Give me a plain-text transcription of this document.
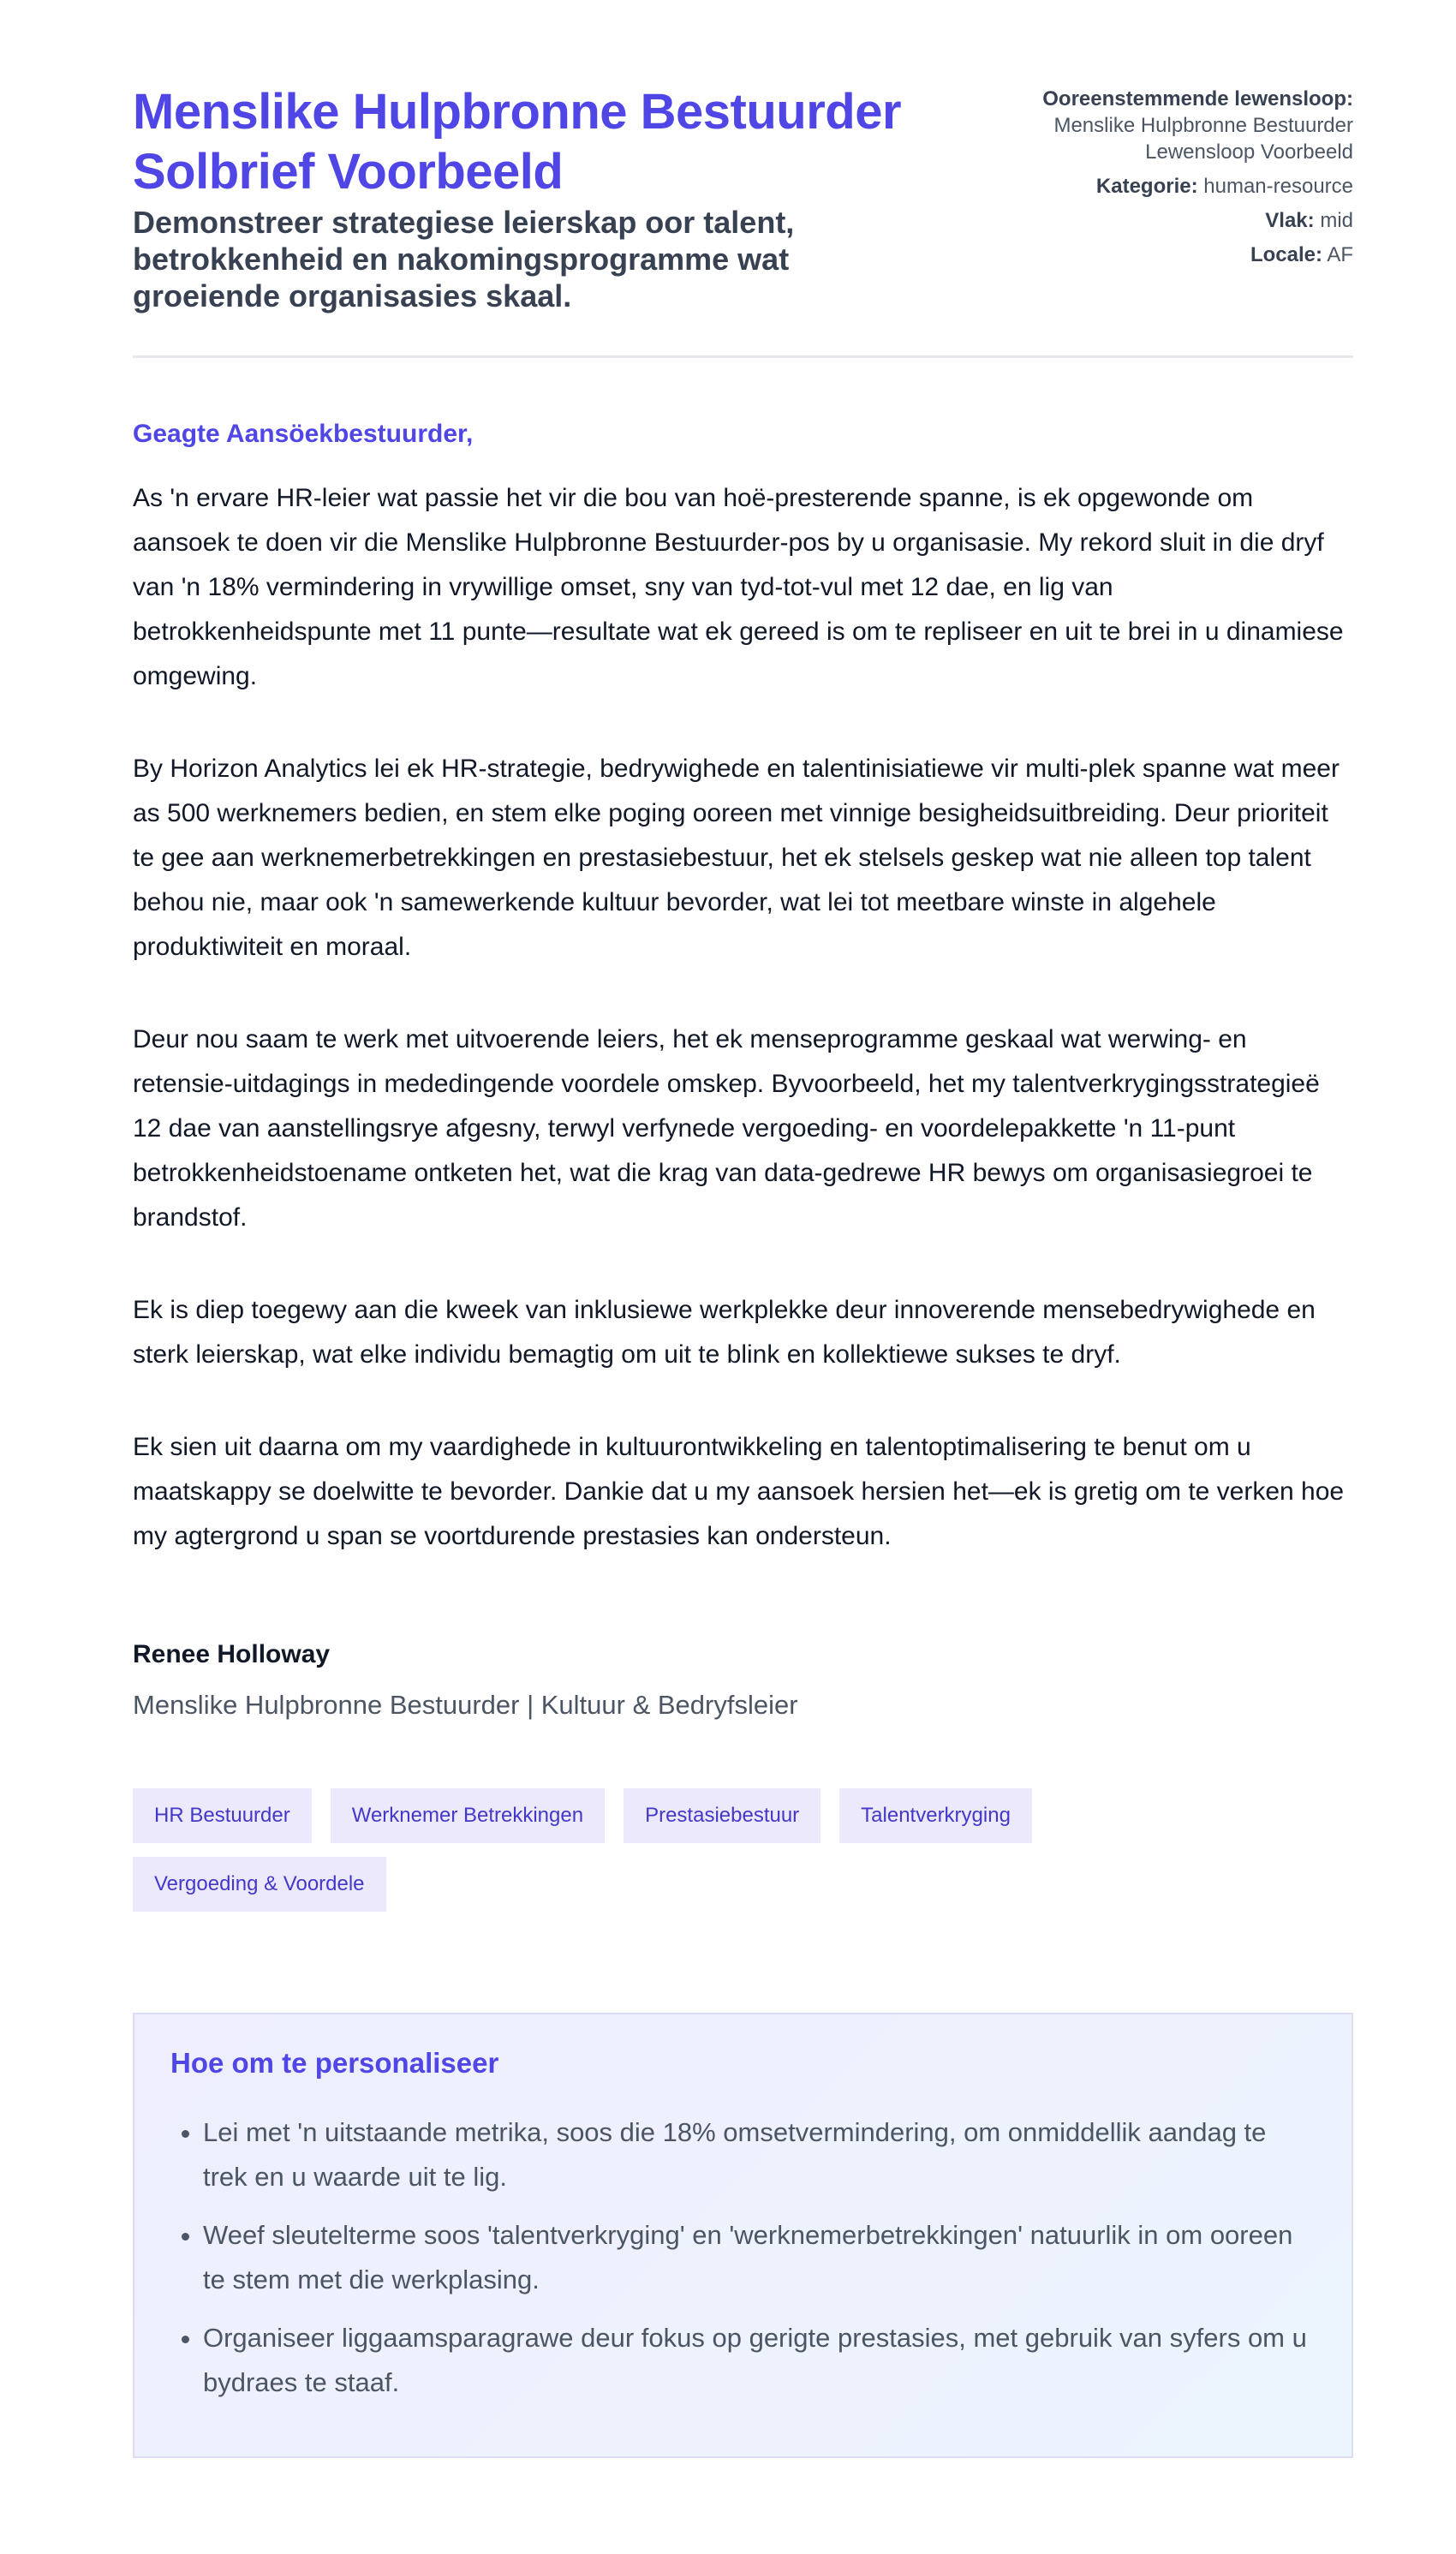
Menslike Hulpbronne Bestuurder Solbrief Voorbeeld

Demonstreer strategiese leierskap oor talent, betrokkenheid en nakomingsprogramme wat groeiende organisasies skaal.

Ooreenstemmende lewensloop:
Menslike Hulpbronne Bestuurder Lewensloop Voorbeeld
Kategorie: human-resource
Vlak: mid
Locale: AF

Geagte Aansöekbestuurder,

As 'n ervare HR-leier wat passie het vir die bou van hoë-presterende spanne, is ek opgewonde om aansoek te doen vir die Menslike Hulpbronne Bestuurder-pos by u organisasie. My rekord sluit in die dryf van 'n 18% vermindering in vrywillige omset, sny van tyd-tot-vul met 12 dae, en lig van betrokkenheidspunte met 11 punte—resultate wat ek gereed is om te repliseer en uit te brei in u dinamiese omgewing.

By Horizon Analytics lei ek HR-strategie, bedrywighede en talentinisiatiewe vir multi-plek spanne wat meer as 500 werknemers bedien, en stem elke poging ooreen met vinnige besigheidsuitbreiding. Deur prioriteit te gee aan werknemerbetrekkingen en prestasiebestuur, het ek stelsels geskep wat nie alleen top talent behou nie, maar ook 'n samewerkende kultuur bevorder, wat lei tot meetbare winste in algehele produktiwiteit en moraal.

Deur nou saam te werk met uitvoerende leiers, het ek menseprogramme geskaal wat werwing- en retensie-uitdagings in mededingende voordele omskep. Byvoorbeeld, het my talentverkrygingsstrategieë 12 dae van aanstellingsrye afgesny, terwyl verfynede vergoeding- en voordelepakkette 'n 11-punt betrokkenheidstoename ontketen het, wat die krag van data-gedrewe HR bewys om organisasiegroei te brandstof.

Ek is diep toegewy aan die kweek van inklusiewe werkplekke deur innoverende mensebedrywighede en sterk leierskap, wat elke individu bemagtig om uit te blink en kollektiewe sukses te dryf.

Ek sien uit daarna om my vaardighede in kultuurontwikkeling en talentoptimalisering te benut om u maatskappy se doelwitte te bevorder. Dankie dat u my aansoek hersien het—ek is gretig om te verken hoe my agtergrond u span se voortdurende prestasies kan ondersteun.

Renee Holloway
Menslike Hulpbronne Bestuurder | Kultuur & Bedryfsleier
HR Bestuurder	Werknemer Betrekkingen	Prestasiebestuur	Talentverkryging
Vergoeding & Voordele
Hoe om te personaliseer
• Lei met 'n uitstaande metrika, soos die 18% omsetvermindering, om onmiddellik aandag te trek en u waarde uit te lig.
• Weef sleutelterme soos 'talentverkryging' en 'werknemerbetrekkingen' natuurlik in om ooreen te stem met die werkplasing.
• Organiseer liggaamsparagrawe deur fokus op gerigte prestasies, met gebruik van syfers om u bydraes te staaf.
